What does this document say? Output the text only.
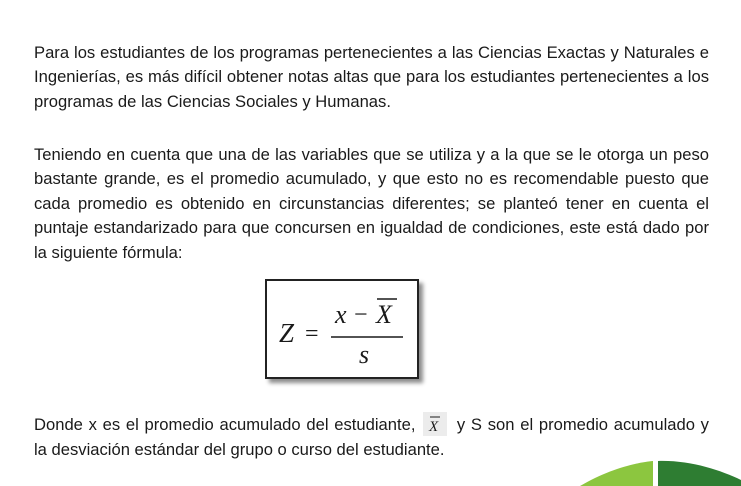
Para los estudiantes de los programas pertenecientes a las Ciencias Exactas y Naturales e Ingenierías, es más difícil obtener notas altas que para los estudiantes pertenecientes a los programas de las Ciencias Sociales y Humanas.

Teniendo en cuenta que una de las variables que se utiliza y a la que se le otorga un peso bastante grande, es el promedio acumulado, y que esto no es recomendable puesto que cada promedio es obtenido en circunstancias diferentes; se planteó tener en cuenta el puntaje estandarizado para que concursen en igualdad de condiciones, este está dado por la siguiente fórmula:

Z =
x − X
s

Donde x es el promedio acumulado del estudiante, X y S son el promedio acumulado y la desviación estándar del grupo o curso del estudiante.
